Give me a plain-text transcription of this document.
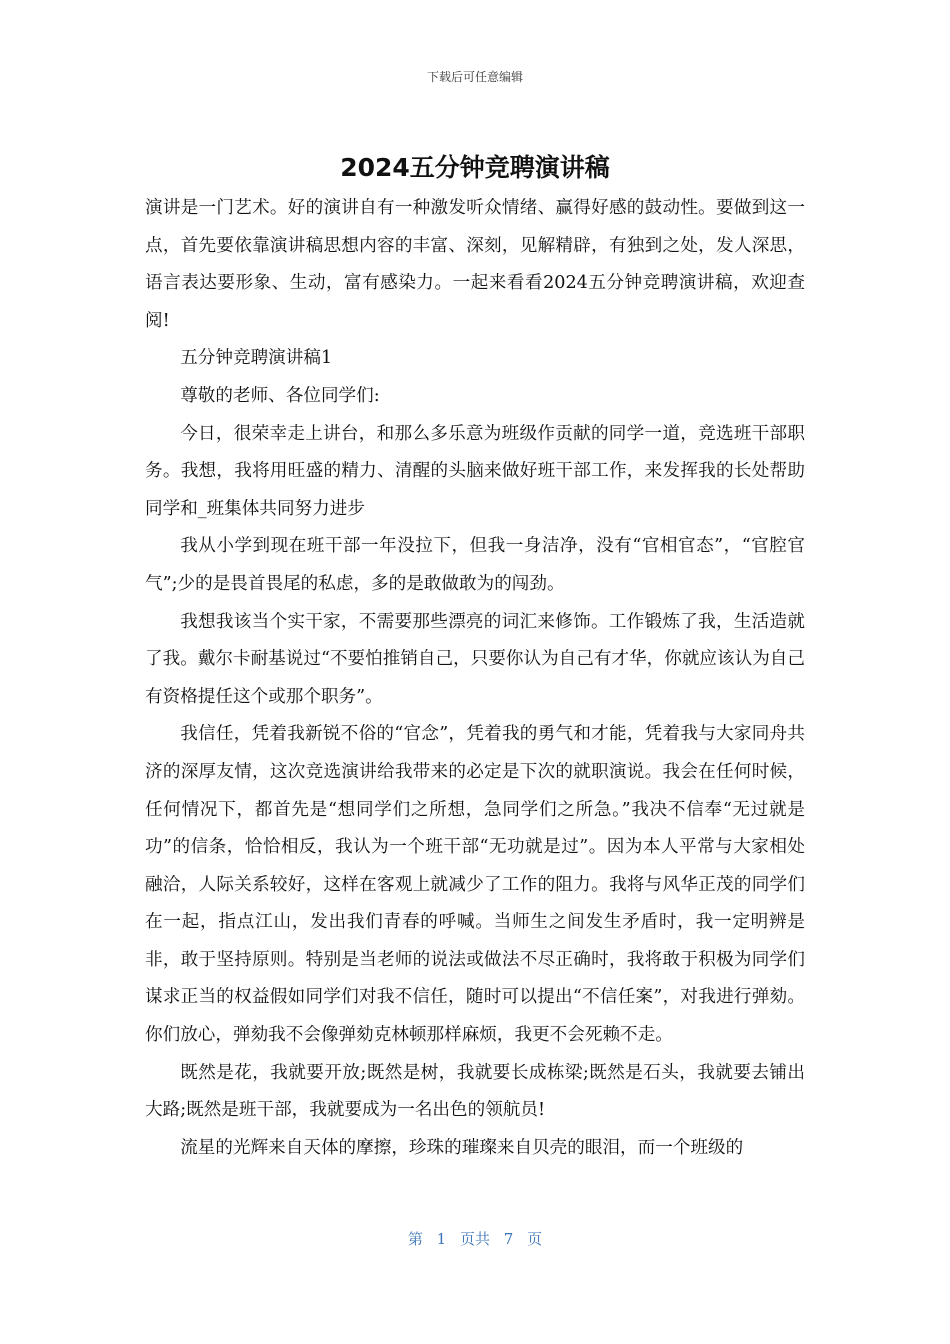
下载后可任意编辑
2024五分钟竞聘演讲稿

演讲是一门艺术。好的演讲自有一种激发听众情绪、赢得好感的鼓动性。要做到这一点，首先要依靠演讲稿思想内容的丰富、深刻，见解精辟，有独到之处，发人深思，语言表达要形象、生动，富有感染力。一起来看看2024五分钟竞聘演讲稿，欢迎查阅!

五分钟竞聘演讲稿1

尊敬的老师、各位同学们:

今日，很荣幸走上讲台，和那么多乐意为班级作贡献的同学一道，竞选班干部职务。我想，我将用旺盛的精力、清醒的头脑来做好班干部工作，来发挥我的长处帮助同学和_班集体共同努力进步

我从小学到现在班干部一年没拉下，但我一身洁净，没有“官相官态”，“官腔官气”;少的是畏首畏尾的私虑，多的是敢做敢为的闯劲。

我想我该当个实干家，不需要那些漂亮的词汇来修饰。工作锻炼了我，生活造就了我。戴尔卡耐基说过“不要怕推销自己，只要你认为自己有才华，你就应该认为自己有资格提任这个或那个职务”。

我信任，凭着我新锐不俗的“官念”，凭着我的勇气和才能，凭着我与大家同舟共济的深厚友情，这次竞选演讲给我带来的必定是下次的就职演说。我会在任何时候，任何情况下，都首先是“想同学们之所想，急同学们之所急。”我决不信奉“无过就是功”的信条，恰恰相反，我认为一个班干部“无功就是过”。因为本人平常与大家相处融洽，人际关系较好，这样在客观上就减少了工作的阻力。我将与风华正茂的同学们在一起，指点江山，发出我们青春的呼喊。当师生之间发生矛盾时，我一定明辨是非，敢于坚持原则。特别是当老师的说法或做法不尽正确时，我将敢于积极为同学们谋求正当的权益假如同学们对我不信任，随时可以提出“不信任案”，对我进行弹劾。你们放心，弹劾我不会像弹劾克林顿那样麻烦，我更不会死赖不走。

既然是花，我就要开放;既然是树，我就要长成栋梁;既然是石头，我就要去铺出大路;既然是班干部，我就要成为一名出色的领航员!

流星的光辉来自天体的摩擦，珍珠的璀璨来自贝壳的眼泪，而一个班级的

第 1 页共 7 页
